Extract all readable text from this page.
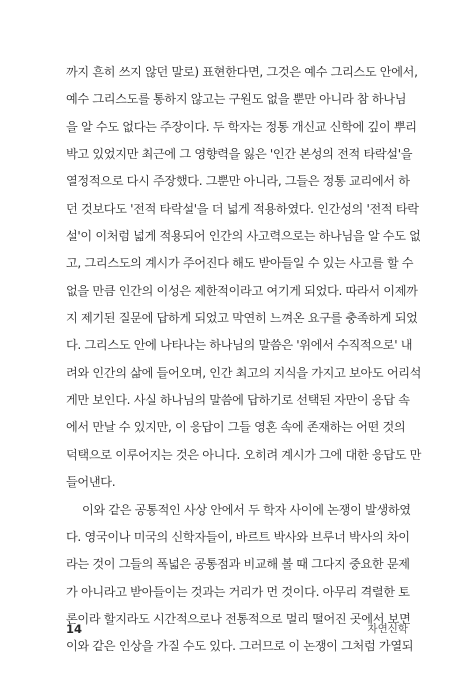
까지 흔히 쓰지 않던 말로) 표현한다면, 그것은 예수 그리스도 안에서,
예수 그리스도를 통하지 않고는 구원도 없을 뿐만 아니라 참 하나님
을 알 수도 없다는 주장이다. 두 학자는 정통 개신교 신학에 깊이 뿌리
박고 있었지만 최근에 그 영향력을 잃은 '인간 본성의 전적 타락설'을
열정적으로 다시 주장했다. 그뿐만 아니라, 그들은 정통 교리에서 하
던 것보다도 '전적 타락설'을 더 넓게 적용하였다. 인간성의 '전적 타락
설'이 이처럼 넓게 적용되어 인간의 사고력으로는 하나님을 알 수도 없
고, 그리스도의 계시가 주어진다 해도 받아들일 수 있는 사고를 할 수
없을 만큼 인간의 이성은 제한적이라고 여기게 되었다. 따라서 이제까
지 제기된 질문에 답하게 되었고 막연히 느껴온 요구를 충족하게 되었
다. 그리스도 안에 나타나는 하나님의 말씀은 '위에서 수직적으로' 내
려와 인간의 삶에 들어오며, 인간 최고의 지식을 가지고 보아도 어리석
게만 보인다. 사실 하나님의 말씀에 답하기로 선택된 자만이 응답 속
에서 만날 수 있지만, 이 응답이 그들 영혼 속에 존재하는 어떤 것의
덕택으로 이루어지는 것은 아니다. 오히려 계시가 그에 대한 응답도 만
들어낸다.
이와 같은 공통적인 사상 안에서 두 학자 사이에 논쟁이 발생하였
다. 영국이나 미국의 신학자들이, 바르트 박사와 브루너 박사의 차이
라는 것이 그들의 폭넓은 공통점과 비교해 볼 때 그다지 중요한 문제
가 아니라고 받아들이는 것과는 거리가 먼 것이다. 아무리 격렬한 토
론이라 할지라도 시간적으로나 전통적으로 멀리 떨어진 곳에서 보면
이와 같은 인상을 가질 수도 있다. 그러므로 이 논쟁이 그처럼 가열되
14	자연신학
